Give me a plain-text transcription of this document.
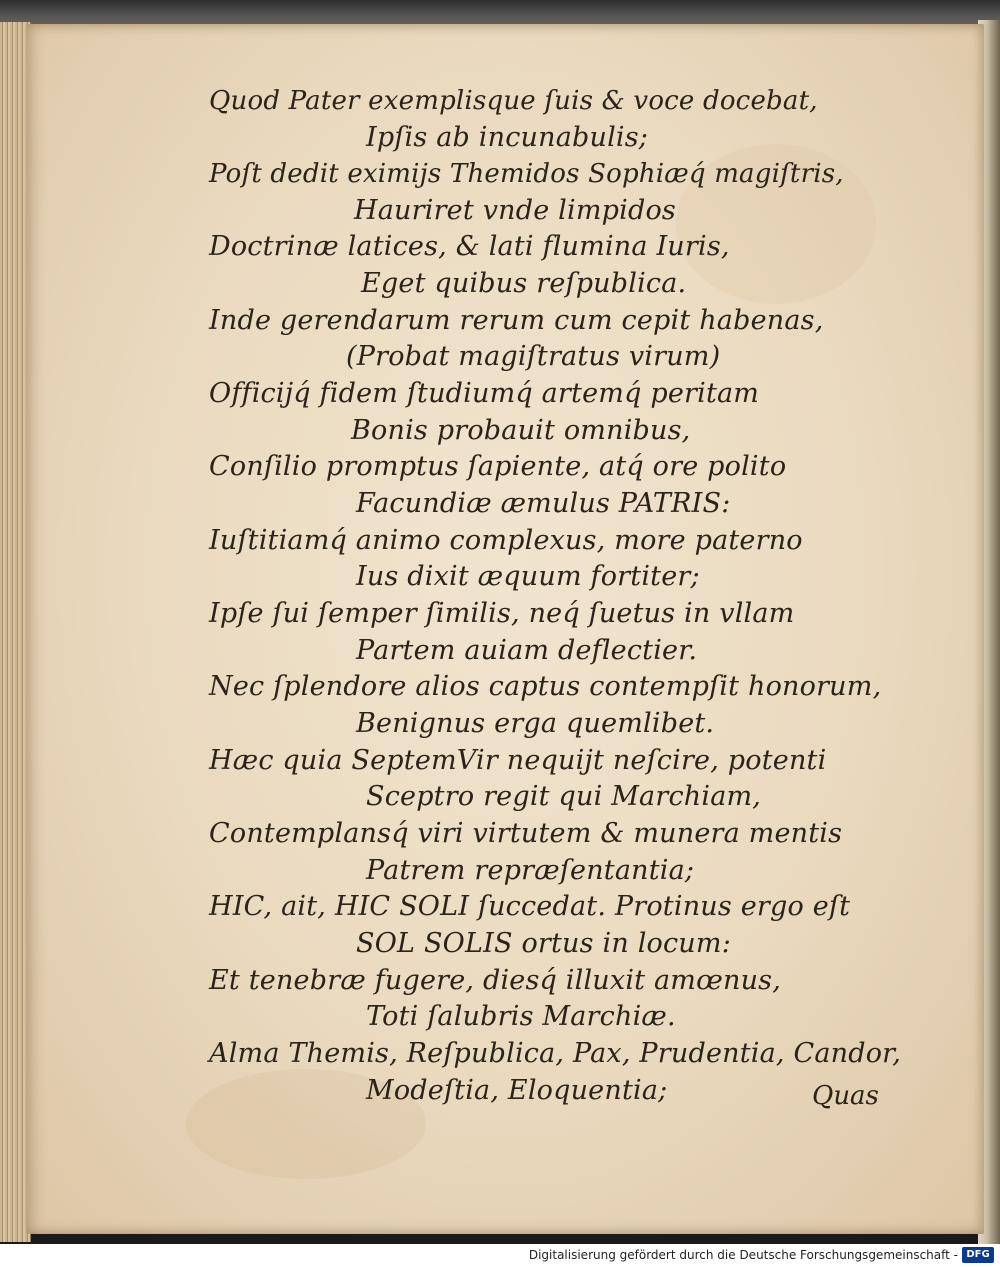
Quod Pater exemplisque ſuis & voce docebat,

Ipſis ab incunabulis;

Poſt dedit eximijs Themidos Sophiæq́ magiſtris,

Hauriret vnde limpidos

Doctrinæ latices, & lati flumina Iuris,

Eget quibus reſpublica.

Inde gerendarum rerum cum cepit habenas,

(Probat magiſtratus virum)

Officijq́ fidem ſtudiumq́ artemq́ peritam

Bonis probauit omnibus,

Conſilio promptus ſapiente, atq́ ore polito

Facundiæ æmulus PATRIS:

Iuſtitiamq́ animo complexus, more paterno

Ius dixit æquum fortiter;

Ipſe ſui ſemper ſimilis, neq́ ſuetus in vllam

Partem auiam deflectier.

Nec ſplendore alios captus contempſit honorum,

Benignus erga quemlibet.

Hæc quia SeptemVir nequijt neſcire, potenti

Sceptro regit qui Marchiam,

Contemplansq́ viri virtutem & munera mentis

Patrem repræſentantia;

HIC, ait, HIC SOLI ſuccedat. Protinus ergo eſt

SOL SOLIS ortus in locum:

Et tenebræ fugere, diesq́ illuxit amœnus,

Toti ſalubris Marchiæ.

Alma Themis, Reſpublica, Pax, Prudentia, Candor,

Modeſtia, Eloquentia;	Quas

Digitalisierung gefördert durch die Deutsche Forschungsgemeinschaft - DFG
